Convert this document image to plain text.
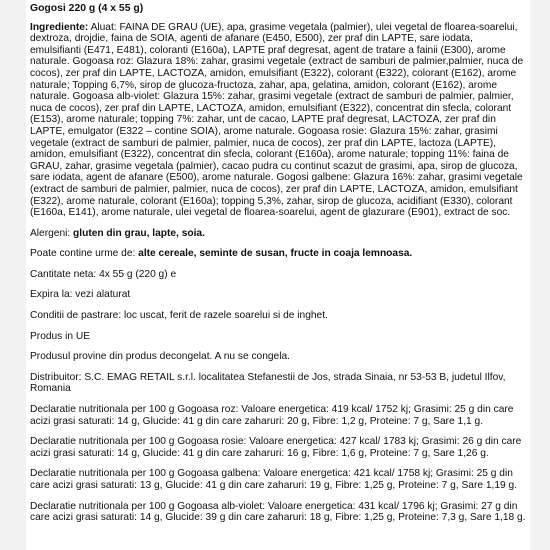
Gogosi 220 g (4 x 55 g)

Ingrediente: Aluat: FAINA DE GRAU (UE), apa, grasime vegetala (palmier), ulei vegetal de floarea-soarelui, dextroza, drojdie, faina de SOIA, agenti de afanare (E450, E500), zer praf din LAPTE, sare iodata, emulsifianti (E471, E481), coloranti (E160a), LAPTE praf degresat, agent de tratare a fainii (E300), arome naturale. Gogoasa roz: Glazura 18%: zahar, grasimi vegetale (extract de samburi de palmier,palmier, nuca de cocos), zer praf din LAPTE, LACTOZA, amidon, emulsifiant (E322), colorant (E322), colorant (E162), arome naturale; Topping 6,7%, sirop de glucoza-fructoza, zahar, apa, gelatina, amidon, colorant (E162), arome naturale. Gogoasa alb-violet: Glazura 15%: zahar, grasimi vegetale (extract de samburi de palmier, palmier, nuca de cocos), zer praf din LAPTE, LACTOZA, amidon, emulsifiant (E322), concentrat din sfecla, colorant (E153), arome naturale; topping 7%: zahar, unt de cacao, LAPTE praf degresat, LACTOZA, zer praf din LAPTE, emulgator (E322 – contine SOIA), arome naturale. Gogoasa rosie: Glazura 15%: zahar, grasimi vegetale (extract de samburi de palmier, palmier, nuca de cocos), zer praf din LAPTE, lactoza (LAPTE), amidon, emulsifiant (E322), concentrat din sfecla, colorant (E160a), arome naturale; topping 11%: faina de GRAU, zahar, grasime vegetala (palmier), cacao pudra cu continut scazut de grasimi, apa, sirop de glucoza, sare iodata, agent de afanare (E500), arome naturale. Gogosi galbene: Glazura 16%: zahar, grasimi vegetale (extract de samburi de palmier, palmier, nuca de cocos), zer praf din LAPTE, LACTOZA, amidon, emulsifiant (E322), arome naturale, colorant (E160a); topping 5,3%, zahar, sirop de glucoza, acidifiant (E330), colorant (E160a, E141), arome naturale, ulei vegetal de floarea-soarelui, agent de glazurare (E901), extract de soc.

Alergeni: gluten din grau, lapte, soia.

Poate contine urme de: alte cereale, seminte de susan, fructe in coaja lemnoasa.

Cantitate neta: 4x 55 g (220 g) e

Expira la: vezi alaturat

Conditii de pastrare: loc uscat, ferit de razele soarelui si de inghet.

Produs in UE

Produsul provine din produs decongelat. A nu se congela.

Distribuitor: S.C. EMAG RETAIL s.r.l. localitatea Stefanestii de Jos, strada Sinaia, nr 53-53 B, judetul Ilfov, Romania

Declaratie nutritionala per 100 g Gogoasa roz: Valoare energetica: 419 kcal/ 1752 kj; Grasimi: 25 g din care acizi grasi saturati: 14 g, Glucide: 41 g din care zaharuri: 20 g, Fibre: 1,2 g, Proteine: 7 g, Sare 1,1 g.

Declaratie nutritionala per 100 g Gogoasa rosie: Valoare energetica: 427 kcal/ 1783 kj; Grasimi: 26 g din care acizi grasi saturati: 14 g, Glucide: 41 g din care zaharuri: 16 g, Fibre: 1,6 g, Proteine: 7 g, Sare 1,26 g.

Declaratie nutritionala per 100 g Gogoasa galbena: Valoare energetica: 421 kcal/ 1758 kj; Grasimi: 25 g din care acizi grasi saturati: 13 g, Glucide: 41 g din care zaharuri: 19 g, Fibre: 1,25 g, Proteine: 7 g, Sare 1,19 g.

Declaratie nutritionala per 100 g Gogoasa alb-violet: Valoare energetica: 431 kcal/ 1796 kj; Grasimi: 27 g din care acizi grasi saturati: 14 g, Glucide: 39 g din care zaharuri: 18 g, Fibre: 1,25 g, Proteine: 7,3 g, Sare 1,18 g.
